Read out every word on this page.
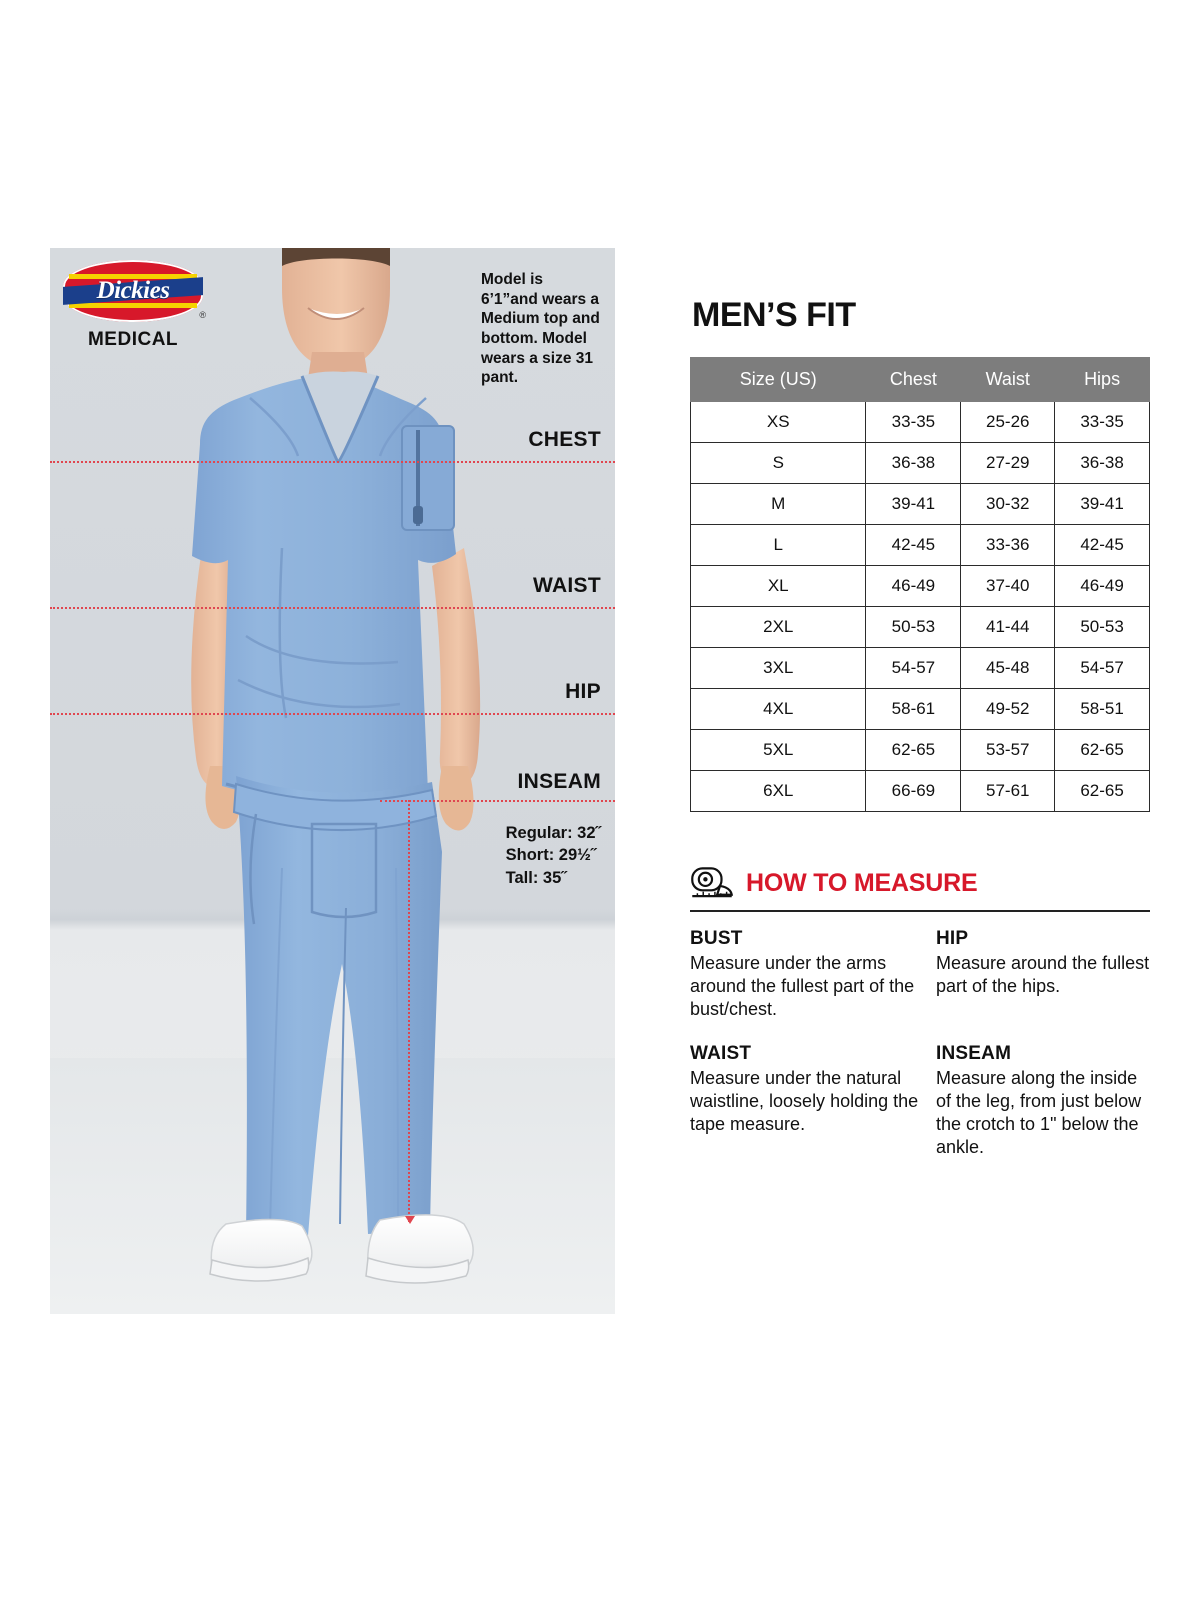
Dickies
®
MEDICAL
Model is 6’1”and wears a Medium top and bottom. Model wears a size 31 pant.
CHEST
WAIST
HIP
INSEAM
Regular: 32˝
Short: 29½˝
Tall: 35˝
MEN’S FIT
Size (US)	Chest	Waist	Hips
XS	33-35	25-26	33-35
S	36-38	27-29	36-38
M	39-41	30-32	39-41
L	42-45	33-36	42-45
XL	46-49	37-40	46-49
2XL	50-53	41-44	50-53
3XL	54-57	45-48	54-57
4XL	58-61	49-52	58-51
5XL	62-65	53-57	62-65
6XL	66-69	57-61	62-65
HOW TO MEASURE
BUST

Measure under the arms around the fullest part of the bust/chest.

HIP

Measure around the fullest part of the hips.

WAIST

Measure under the natural waistline, loosely holding the tape measure.

INSEAM

Measure along the inside of the leg, from just below the crotch to 1" below the ankle.
